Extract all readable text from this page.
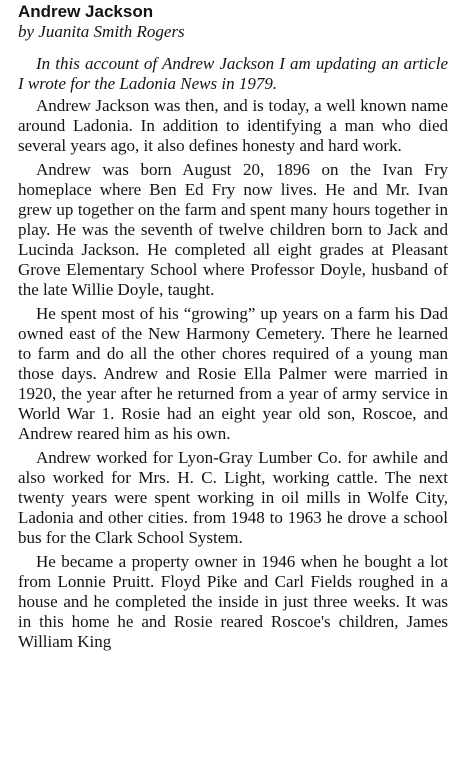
Andrew Jackson
by Juanita Smith Rogers

In this account of Andrew Jackson I am updating an article I wrote for the Ladonia News in 1979.

Andrew Jackson was then, and is today, a well known name around Ladonia. In addition to identifying a man who died several years ago, it also defines honesty and hard work.

Andrew was born August 20, 1896 on the Ivan Fry homeplace where Ben Ed Fry now lives. He and Mr. Ivan grew up together on the farm and spent many hours together in play. He was the seventh of twelve children born to Jack and Lucinda Jackson. He completed all eight grades at Pleasant Grove Elementary School where Professor Doyle, husband of the late Willie Doyle, taught.

He spent most of his “growing” up years on a farm his Dad owned east of the New Harmony Cemetery. There he learned to farm and do all the other chores required of a young man those days. Andrew and Rosie Ella Palmer were married in 1920, the year after he returned from a year of army service in World War 1. Rosie had an eight year old son, Roscoe, and Andrew reared him as his own.

Andrew worked for Lyon-Gray Lumber Co. for awhile and also worked for Mrs. H. C. Light, working cattle. The next twenty years were spent working in oil mills in Wolfe City, Ladonia and other cities. from 1948 to 1963 he drove a school bus for the Clark School System.

He became a property owner in 1946 when he bought a lot from Lonnie Pruitt. Floyd Pike and Carl Fields roughed in a house and he completed the inside in just three weeks. It was in this home he and Rosie reared Roscoe's children, James William King
